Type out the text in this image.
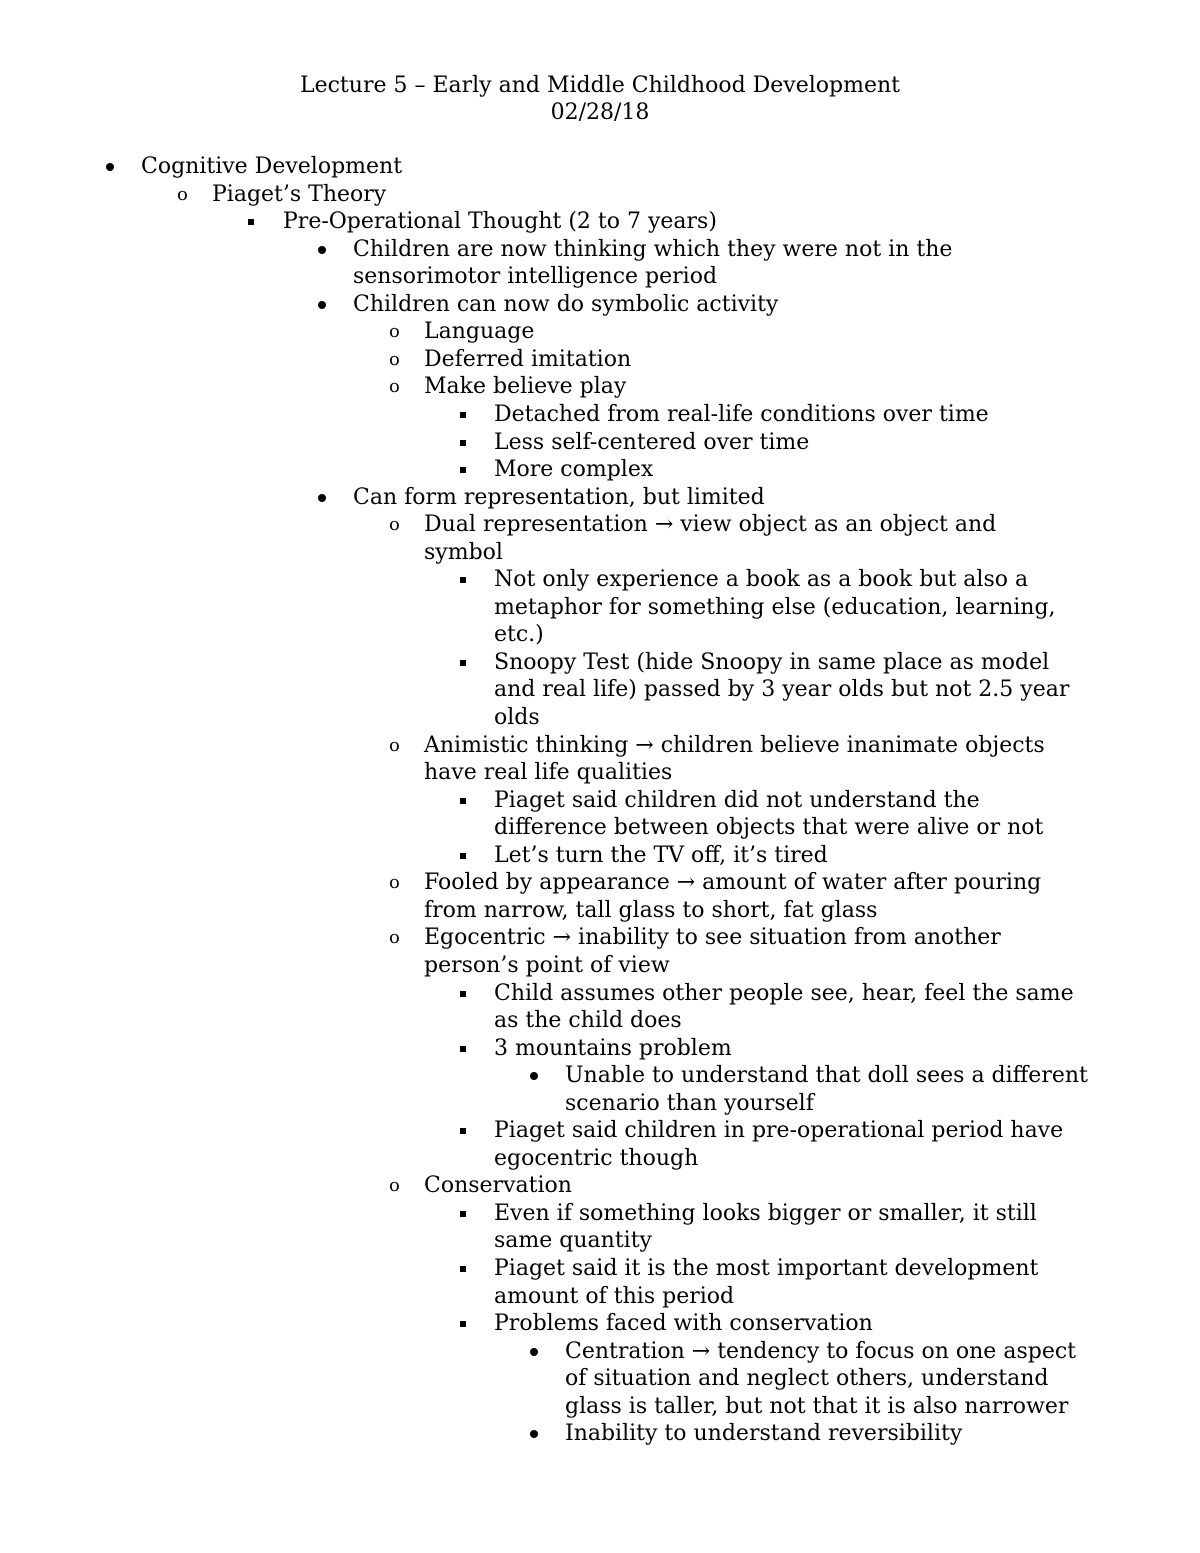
Lecture 5 – Early and Middle Childhood Development
02/28/18
Cognitive Development
o Piaget’s Theory
Pre-Operational Thought (2 to 7 years)
Children are now thinking which they were not in the
sensorimotor intelligence period
Children can now do symbolic activity
o Language
o Deferred imitation
o Make believe play
Detached from real-life conditions over time
Less self-centered over time
More complex
Can form representation, but limited
o Dual representation → view object as an object and
symbol
Not only experience a book as a book but also a
metaphor for something else (education, learning,
etc.)
Snoopy Test (hide Snoopy in same place as model
and real life) passed by 3 year olds but not 2.5 year
olds
o Animistic thinking → children believe inanimate objects
have real life qualities
Piaget said children did not understand the
difference between objects that were alive or not
Let’s turn the TV off, it’s tired
o Fooled by appearance → amount of water after pouring
from narrow, tall glass to short, fat glass
o Egocentric → inability to see situation from another
person’s point of view
Child assumes other people see, hear, feel the same
as the child does
3 mountains problem
Unable to understand that doll sees a different
scenario than yourself
Piaget said children in pre-operational period have
egocentric though
o Conservation
Even if something looks bigger or smaller, it still
same quantity
Piaget said it is the most important development
amount of this period
Problems faced with conservation
Centration → tendency to focus on one aspect
of situation and neglect others, understand
glass is taller, but not that it is also narrower
Inability to understand reversibility
